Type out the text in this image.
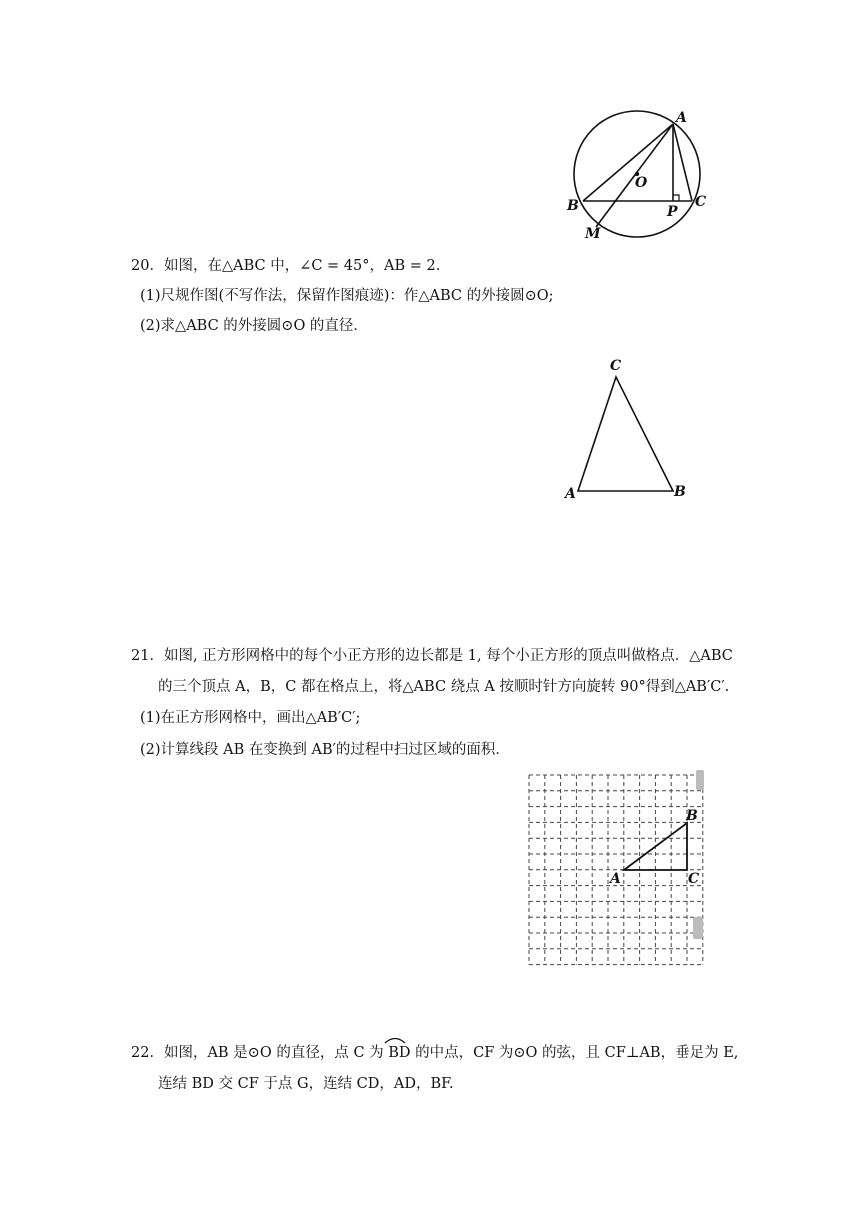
A
B	C
O
P
M
20．如图，在△ABC 中，∠C = 45°，AB = 2.
(1)尺规作图(不写作法，保留作图痕迹)：作△ABC 的外接圆⊙O;
(2)求△ABC 的外接圆⊙O 的直径．
C
A	B
21．如图, 正方形网格中的每个小正方形的边长都是 1, 每个小正方形的顶点叫做格点．△ABC
的三个顶点 A，B，C 都在格点上，将△ABC 绕点 A 按顺时针方向旋转 90°得到△AB′C′.
(1)在正方形网格中，画出△AB′C′;
(2)计算线段 AB 在变换到 AB′的过程中扫过区域的面积．
A
B
C
22．如图，AB 是⊙O 的直径，点 C 为 BD 的中点，CF 为⊙O 的弦，且 CF⊥AB，垂足为 E,
连结 BD 交 CF 于点 G，连结 CD，AD，BF.
